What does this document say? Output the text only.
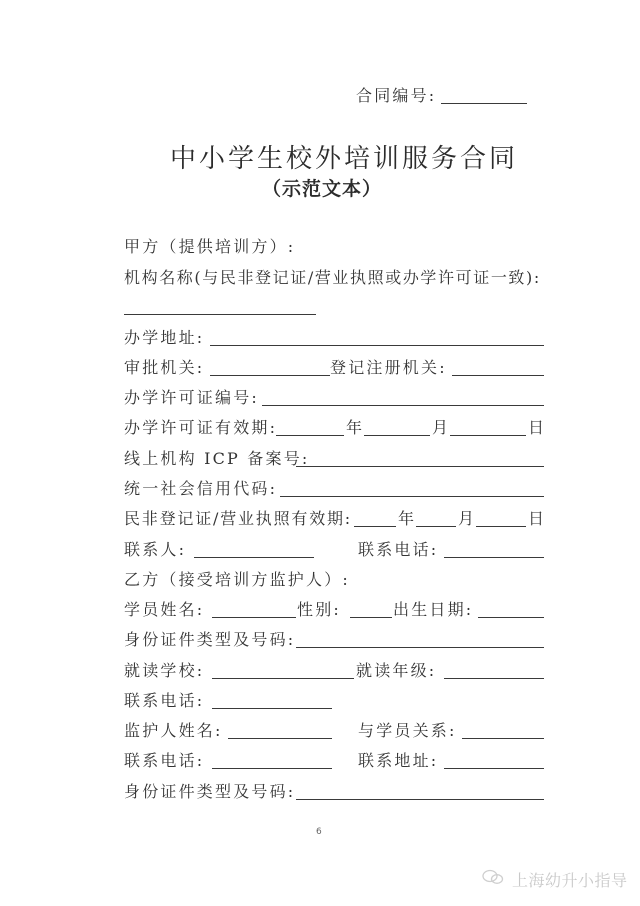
合同编号:
中小学生校外培训服务合同
（示范文本）
甲方（提供培训方）:
机构名称(与民非登记证/营业执照或办学许可证一致):
办学地址:
审批机关:	登记注册机关:
办学许可证编号:
办学许可证有效期:	年	月	日
线上机构 ICP 备案号:
统一社会信用代码:
民非登记证/营业执照有效期:	年	月	日
联系人:	联系电话:
乙方（接受培训方监护人）:
学员姓名:	性别:	出生日期:
身份证件类型及号码:
就读学校:	就读年级:
联系电话:
监护人姓名:	与学员关系:
联系电话:	联系地址:
身份证件类型及号码:
6
上海幼升小指导
